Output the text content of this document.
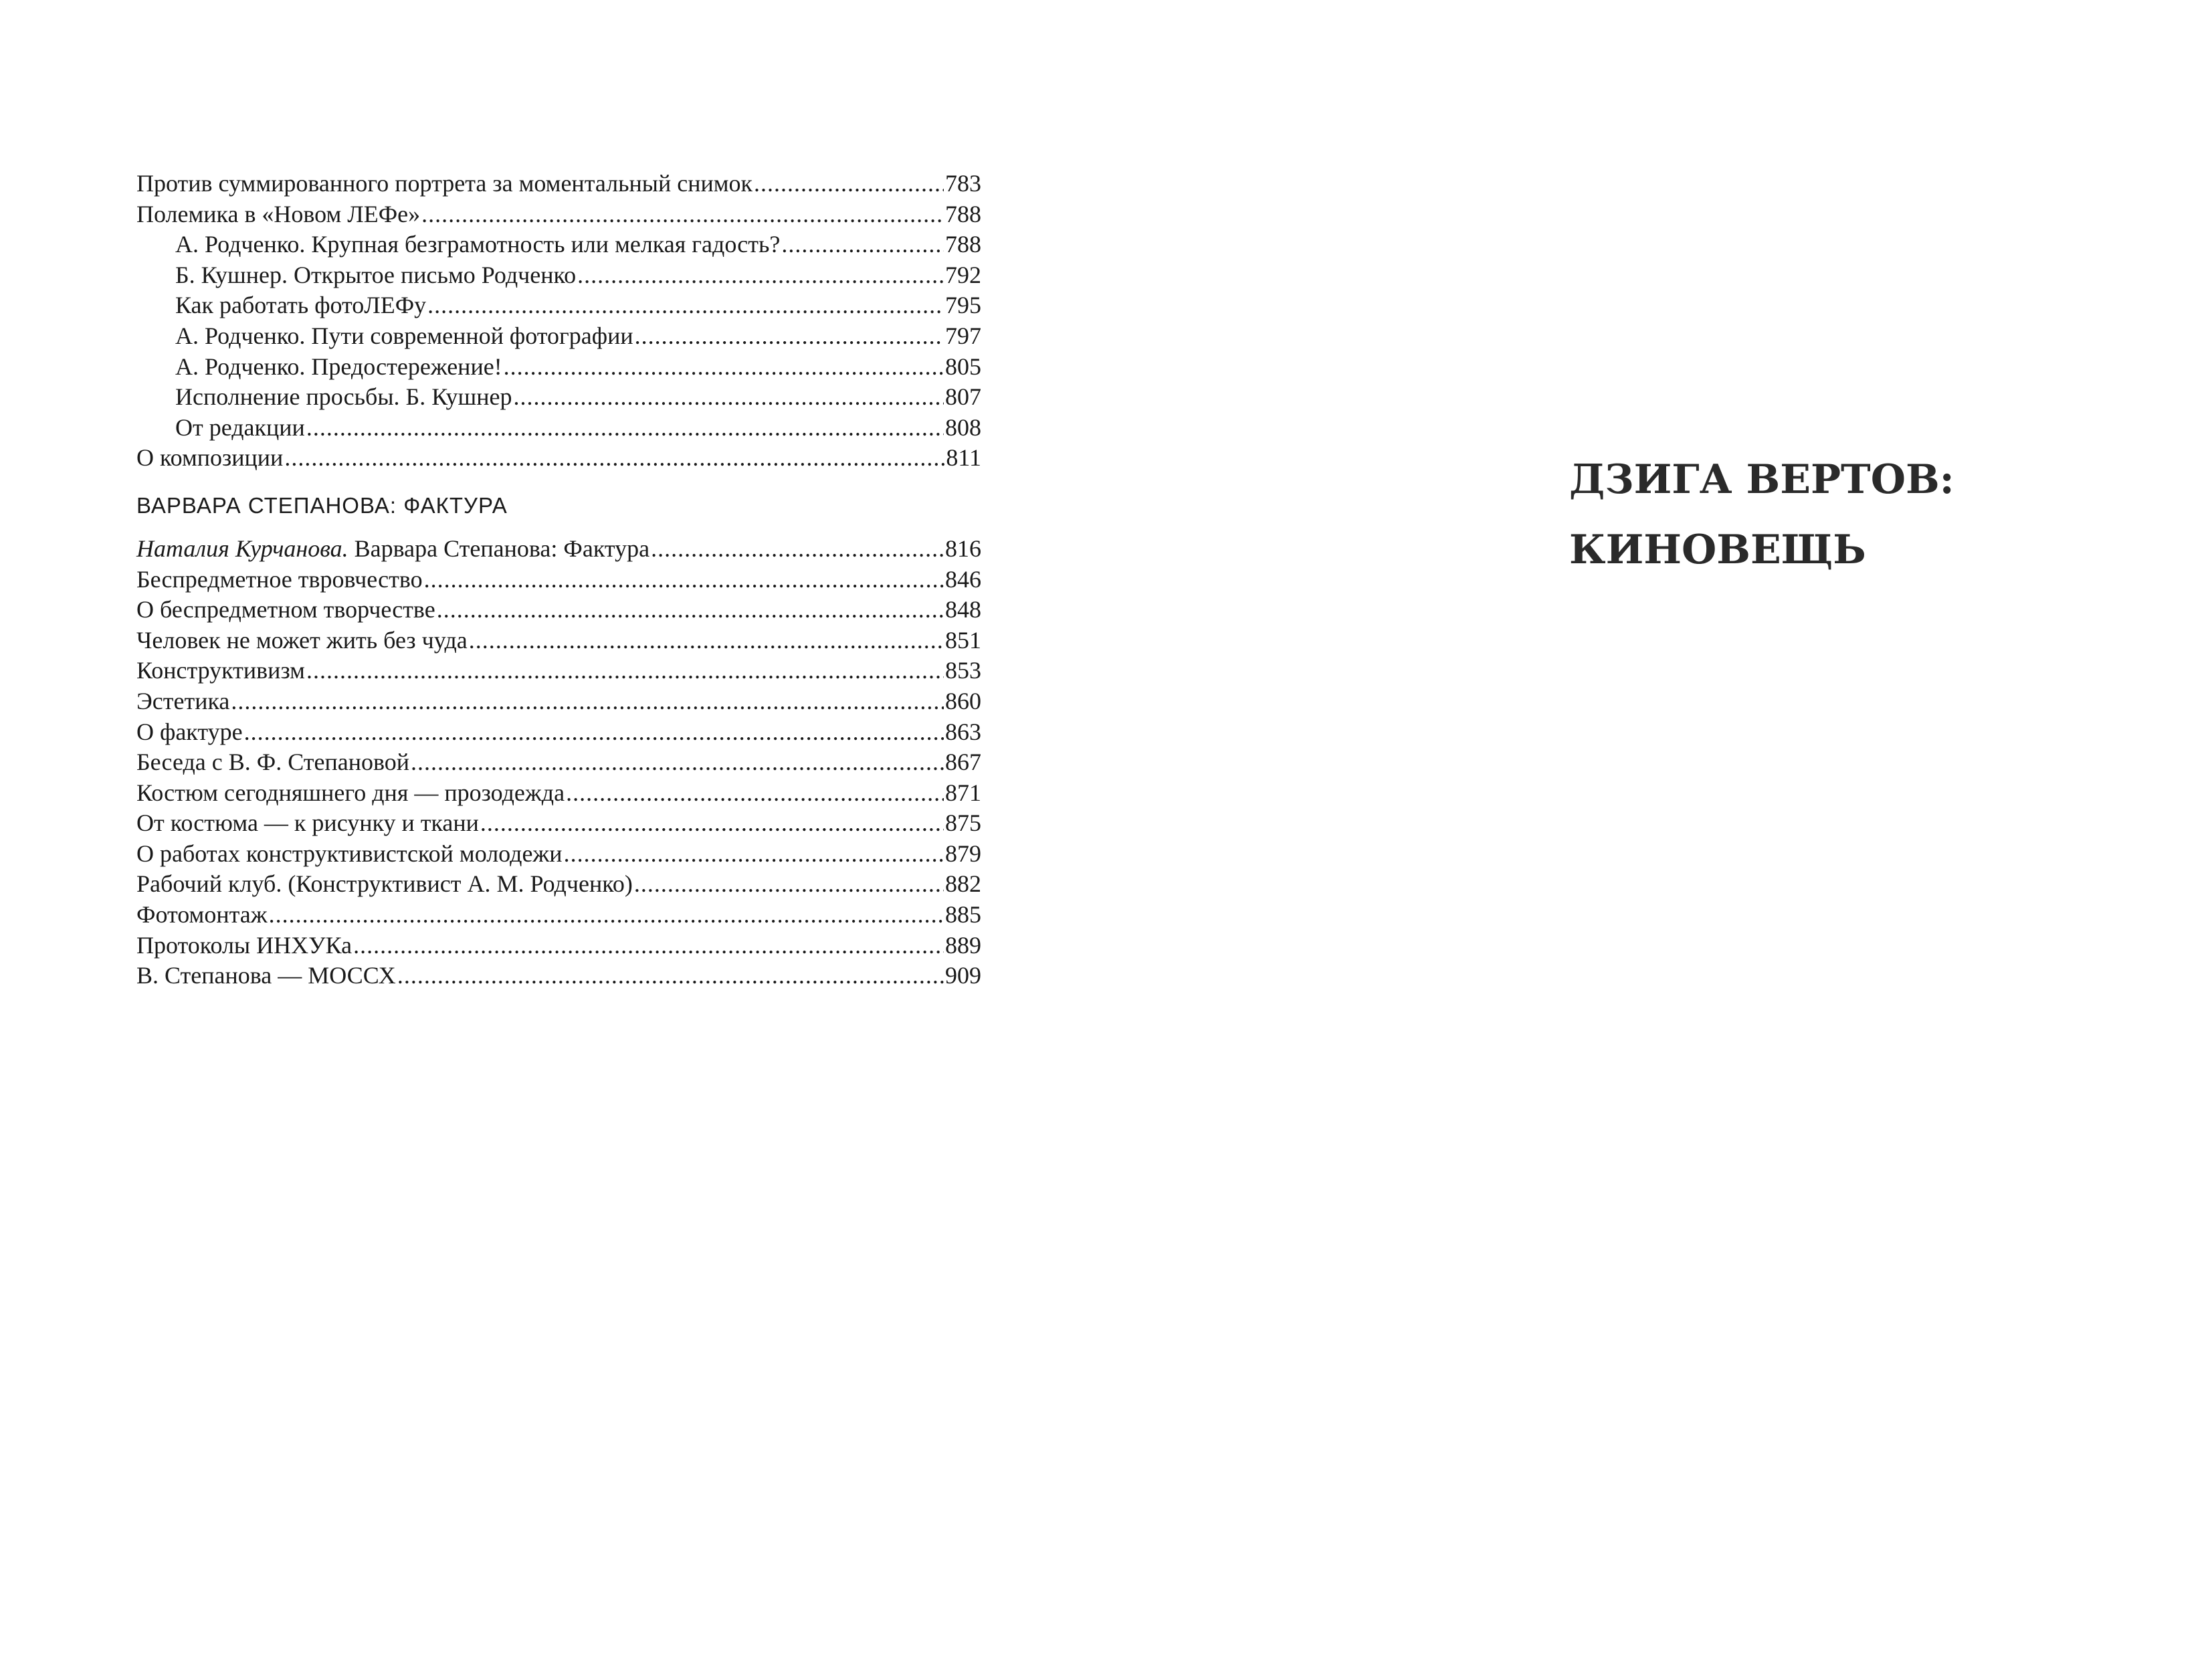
Против суммированного портрета за моментальный снимок .....	783
Полемика в «Новом ЛЕФе» .....	788
А. Родченко. Крупная безграмотность или мелкая гадость? .....	788
Б. Кушнер. Открытое письмо Родченко .....	792
Как работать фотоЛЕФу .....	795
А. Родченко. Пути современной фотографии .....	797
А. Родченко. Предостережение! .....	805
Исполнение просьбы. Б. Кушнер .....	807
От редакции .....	808
О композиции .....	811
ВАРВАРА СТЕПАНОВА: ФАКТУРА
Наталия Курчанова. Варвара Степанова: Фактура .....	816
Беспредметное твровчество .....	846
О беспредметном творчестве .....	848
Человек не может жить без чуда .....	851
Конструктивизм .....	853
Эстетика .....	860
О фактуре .....	863
Беседа с В. Ф. Степановой .....	867
Костюм сегодняшнего дня — прозодежда .....	871
От костюма — к рисунку и ткани .....	875
О работах конструктивистской молодежи .....	879
Рабочий клуб. (Конструктивист А. М. Родченко) .....	882
Фотомонтаж .....	885
Протоколы ИНХУКа .....	889
В. Степанова — МОССХ .....	909
ДЗИГА ВЕРТОВ:
КИНОВЕЩЬ
